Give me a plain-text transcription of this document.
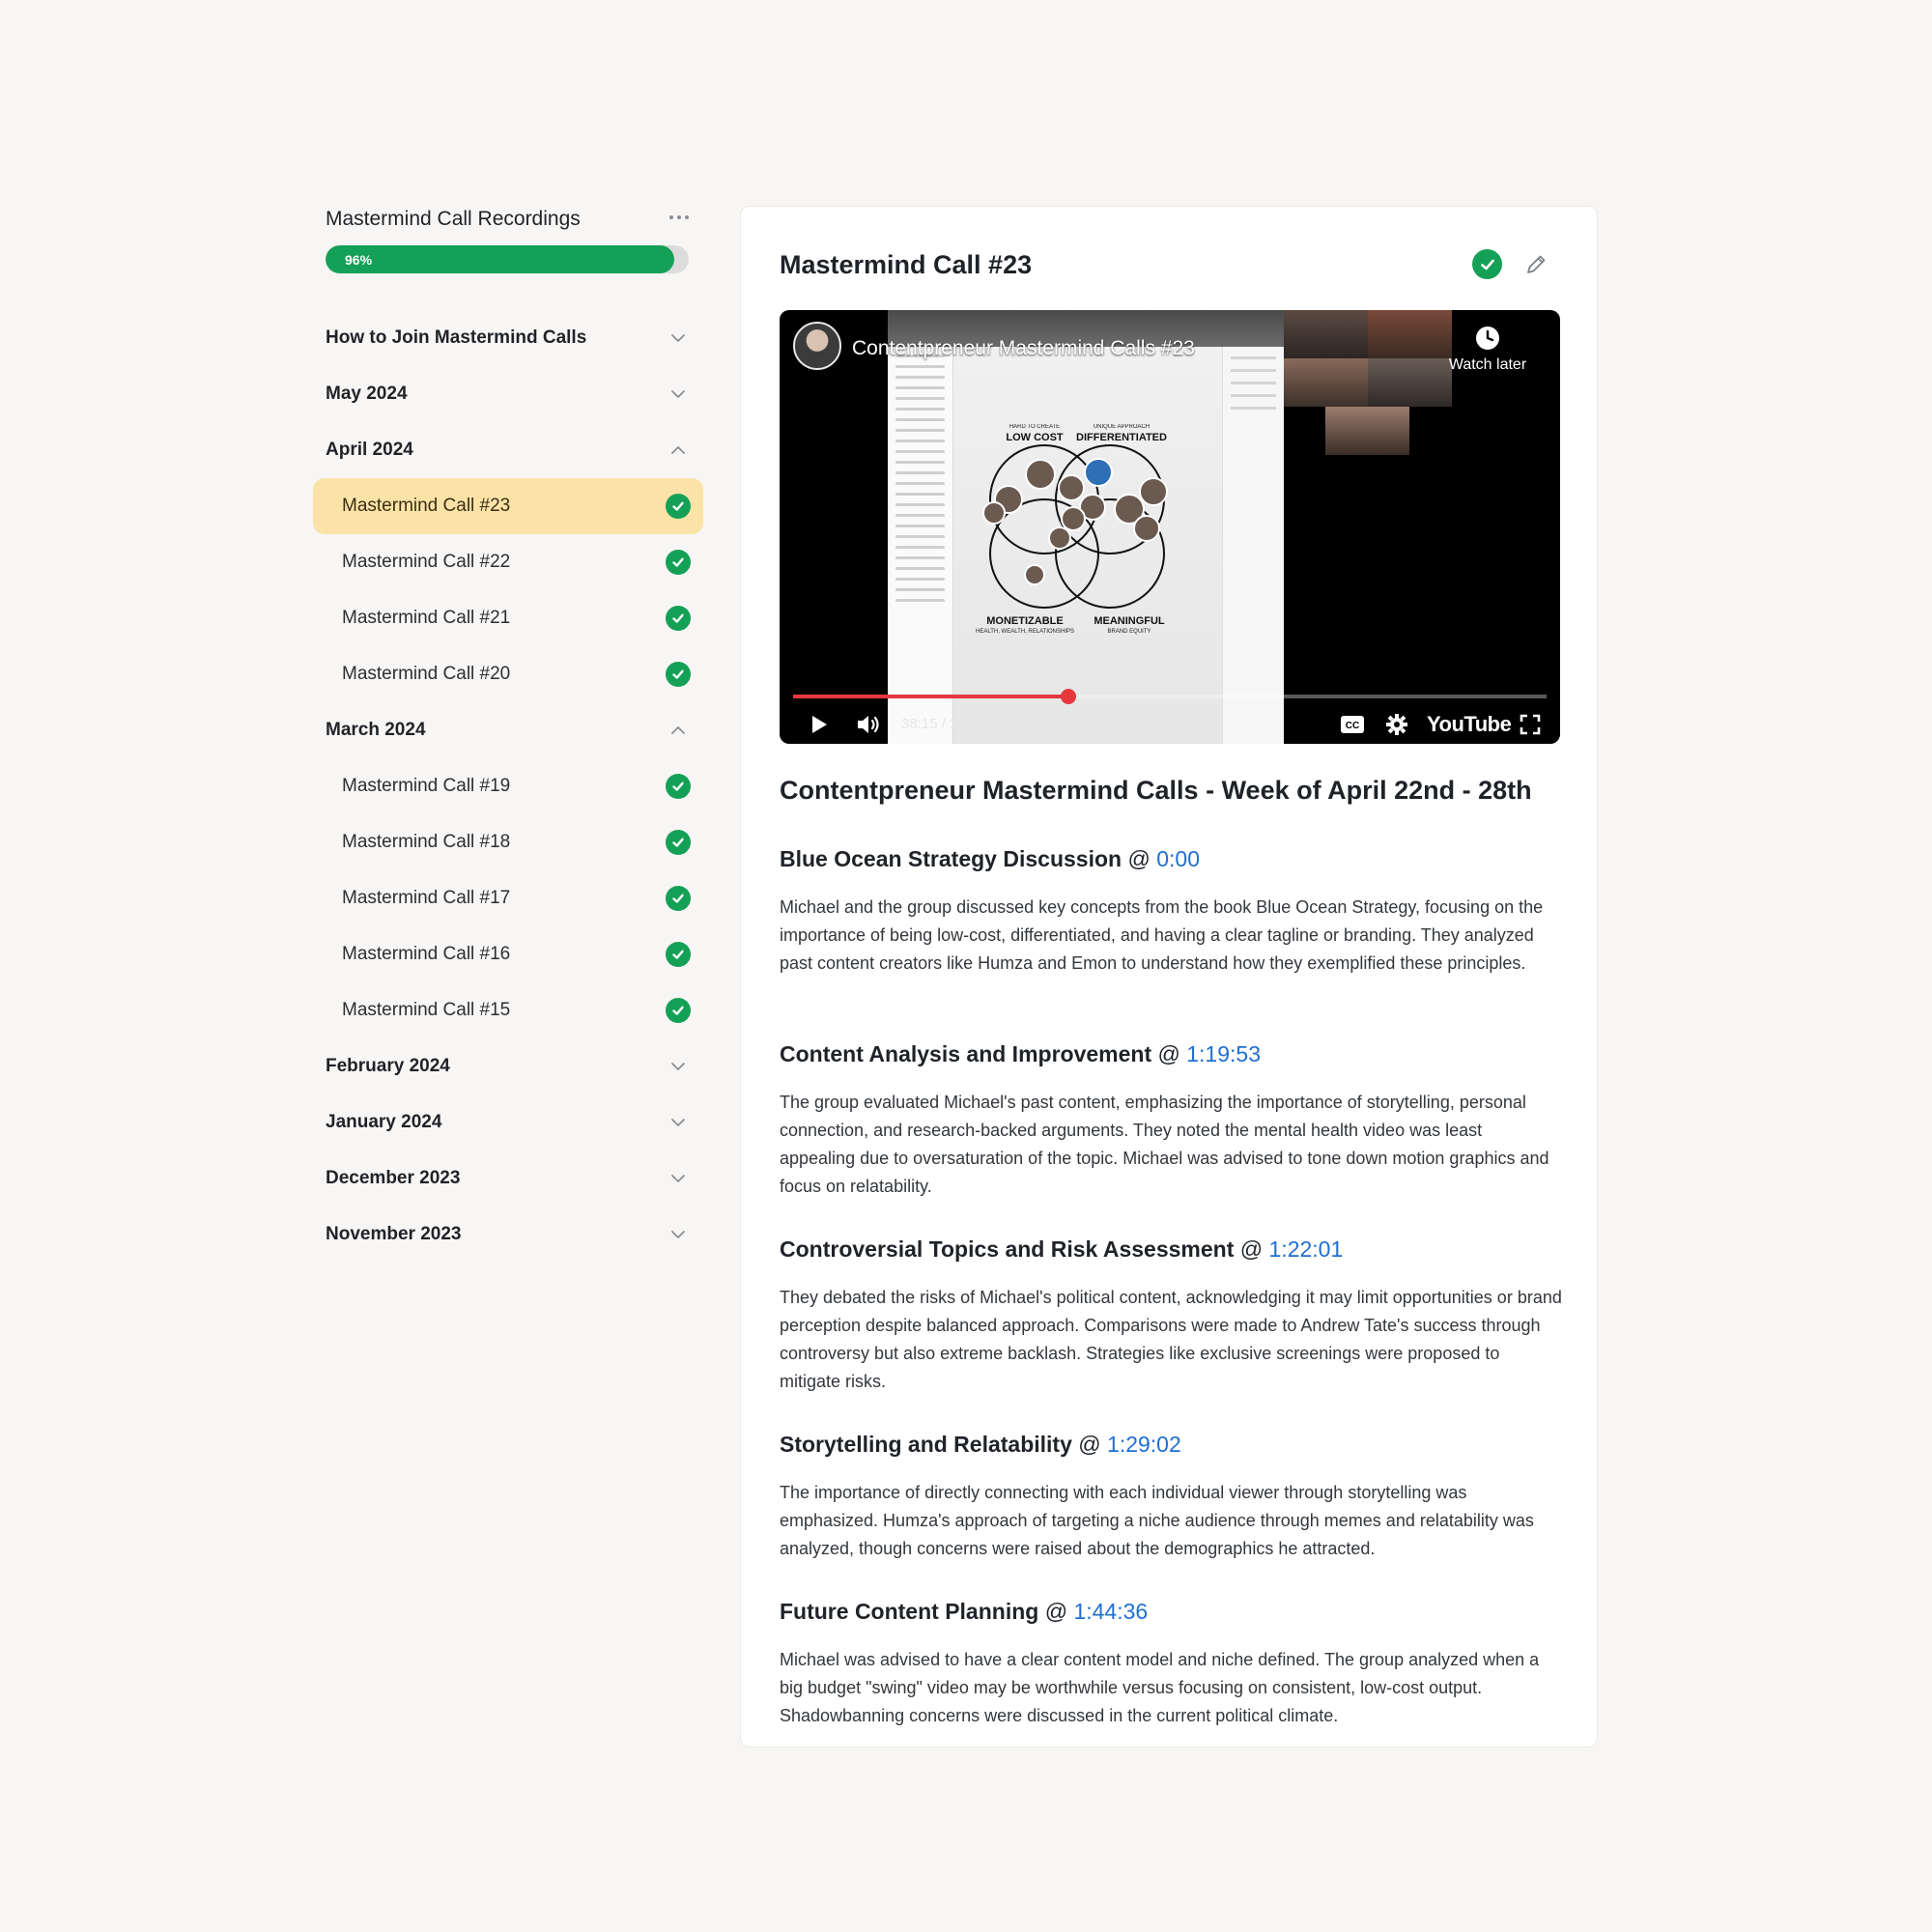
Mastermind Call Recordings
96%
How to Join Mastermind Calls
May 2024
April 2024
Mastermind Call #23
Mastermind Call #22
Mastermind Call #21
Mastermind Call #20
March 2024
Mastermind Call #19
Mastermind Call #18
Mastermind Call #17
Mastermind Call #16
Mastermind Call #15
February 2024
January 2024
December 2023
November 2023
Mastermind Call #23
HARD TO CREATE
LOW COST
UNIQUE APPROACH
DIFFERENTIATED
MONETIZABLE
HEALTH, WEALTH, RELATIONSHIPS
MEANINGFUL
BRAND EQUITY
Contentpreneur Mastermind Calls #23
Watch later
38:15 / 1:44:40	CC	YouTube
Contentpreneur Mastermind Calls - Week of April 22nd - 28th
Blue Ocean Strategy Discussion @ 0:00

Michael and the group discussed key concepts from the book Blue Ocean Strategy, focusing on the importance of being low-cost, differentiated, and having a clear tagline or branding. They analyzed past content creators like Humza and Emon to understand how they exemplified these principles.

Content Analysis and Improvement @ 1:19:53

The group evaluated Michael's past content, emphasizing the importance of storytelling, personal connection, and research-backed arguments. They noted the mental health video was least appealing due to oversaturation of the topic. Michael was advised to tone down motion graphics and focus on relatability.

Controversial Topics and Risk Assessment @ 1:22:01

They debated the risks of Michael's political content, acknowledging it may limit opportunities or brand perception despite balanced approach. Comparisons were made to Andrew Tate's success through controversy but also extreme backlash. Strategies like exclusive screenings were proposed to mitigate risks.

Storytelling and Relatability @ 1:29:02

The importance of directly connecting with each individual viewer through storytelling was emphasized. Humza's approach of targeting a niche audience through memes and relatability was analyzed, though concerns were raised about the demographics he attracted.

Future Content Planning @ 1:44:36

Michael was advised to have a clear content model and niche defined. The group analyzed when a big budget "swing" video may be worthwhile versus focusing on consistent, low-cost output. Shadowbanning concerns were discussed in the current political climate.
